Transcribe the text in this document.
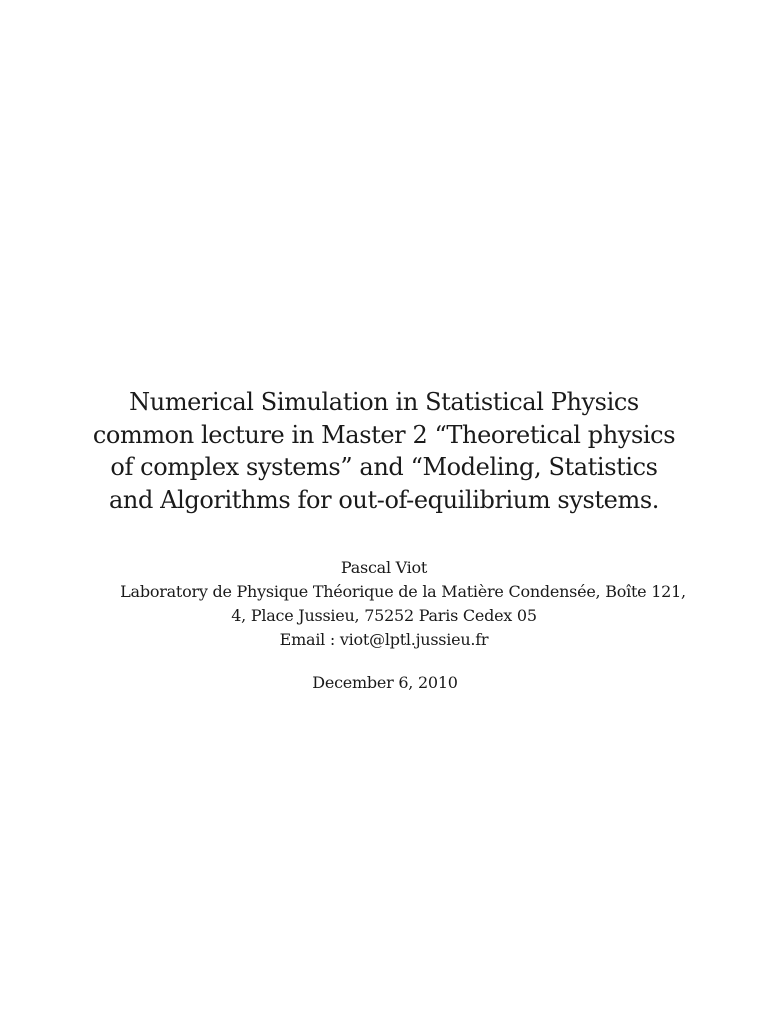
Numerical Simulation in Statistical Physics
common lecture in Master 2 “Theoretical physics
of complex systems” and “Modeling, Statistics
and Algorithms for out-of-equilibrium systems.
Pascal Viot
Laboratory de Physique Théorique de la Matière Condensée, Boîte 121,
4, Place Jussieu, 75252 Paris Cedex 05
Email : viot@lptl.jussieu.fr
December 6, 2010
